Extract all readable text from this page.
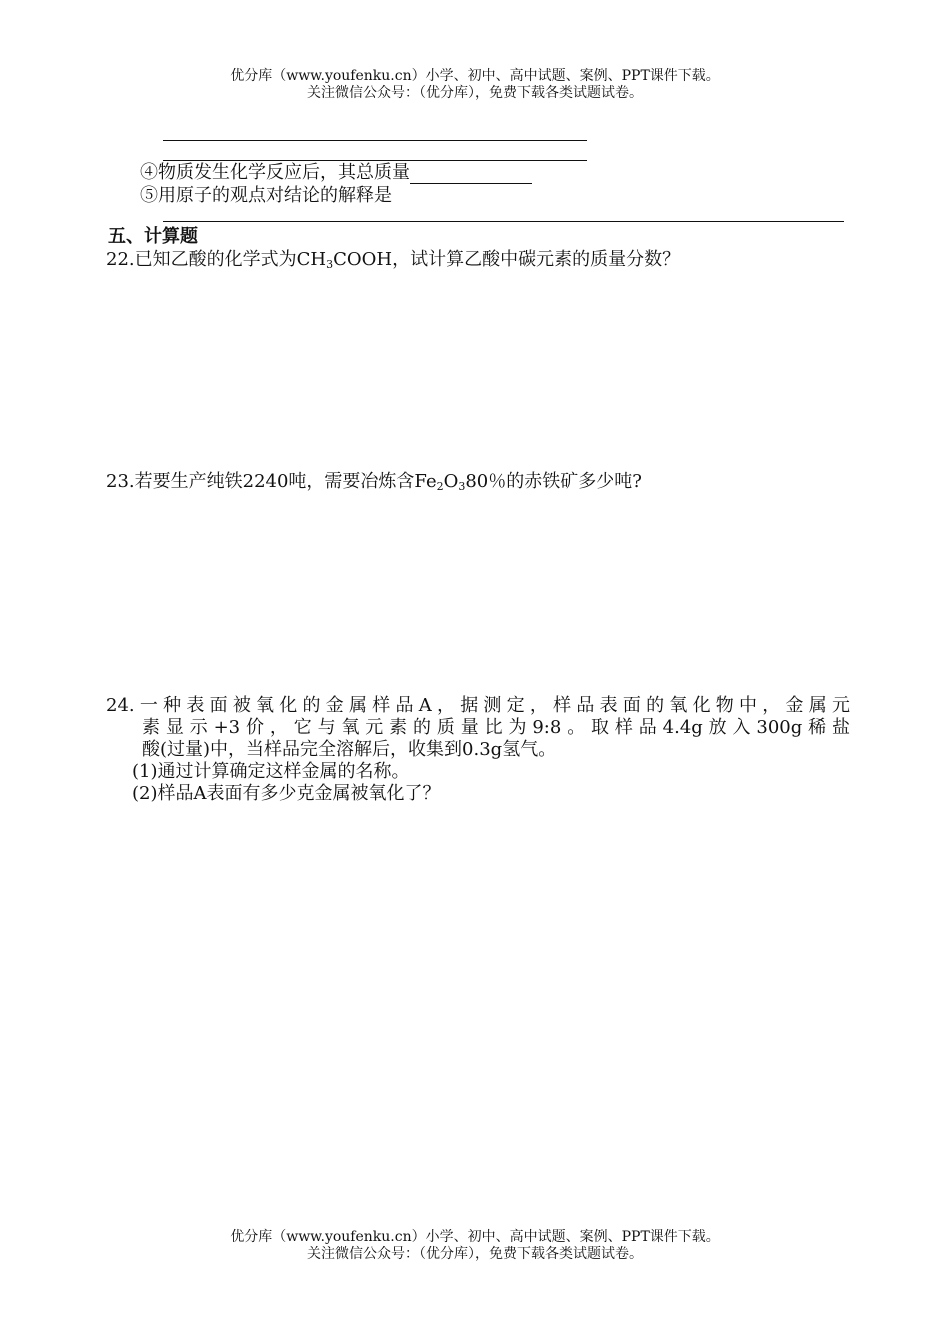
优分库（www.youfenku.cn）小学、初中、高中试题、案例、PPT课件下载。
关注微信公众号：（优分库），免费下载各类试题试卷。
④物质发生化学反应后，其总质量
⑤用原子的观点对结论的解释是
五、计算题
22.已知乙酸的化学式为$CH_3COOH$，试计算乙酸中碳元素的质量分数？
23.若要生产纯铁2240吨，需要冶炼含$Fe_2O_380$％的赤铁矿多少吨?
24.一种表面被氧化的金属样品A，据测定，样品表面的氧化物中，金属元
素显示+3价，它与氧元素的质量比为9:8。取样品4.4g放入300g稀盐
酸(过量)中，当样品完全溶解后，收集到0.3g氢气。
(1)通过计算确定这样金属的名称。
(2)样品A表面有多少克金属被氧化了？
优分库（www.youfenku.cn）小学、初中、高中试题、案例、PPT课件下载。
关注微信公众号：（优分库），免费下载各类试题试卷。
